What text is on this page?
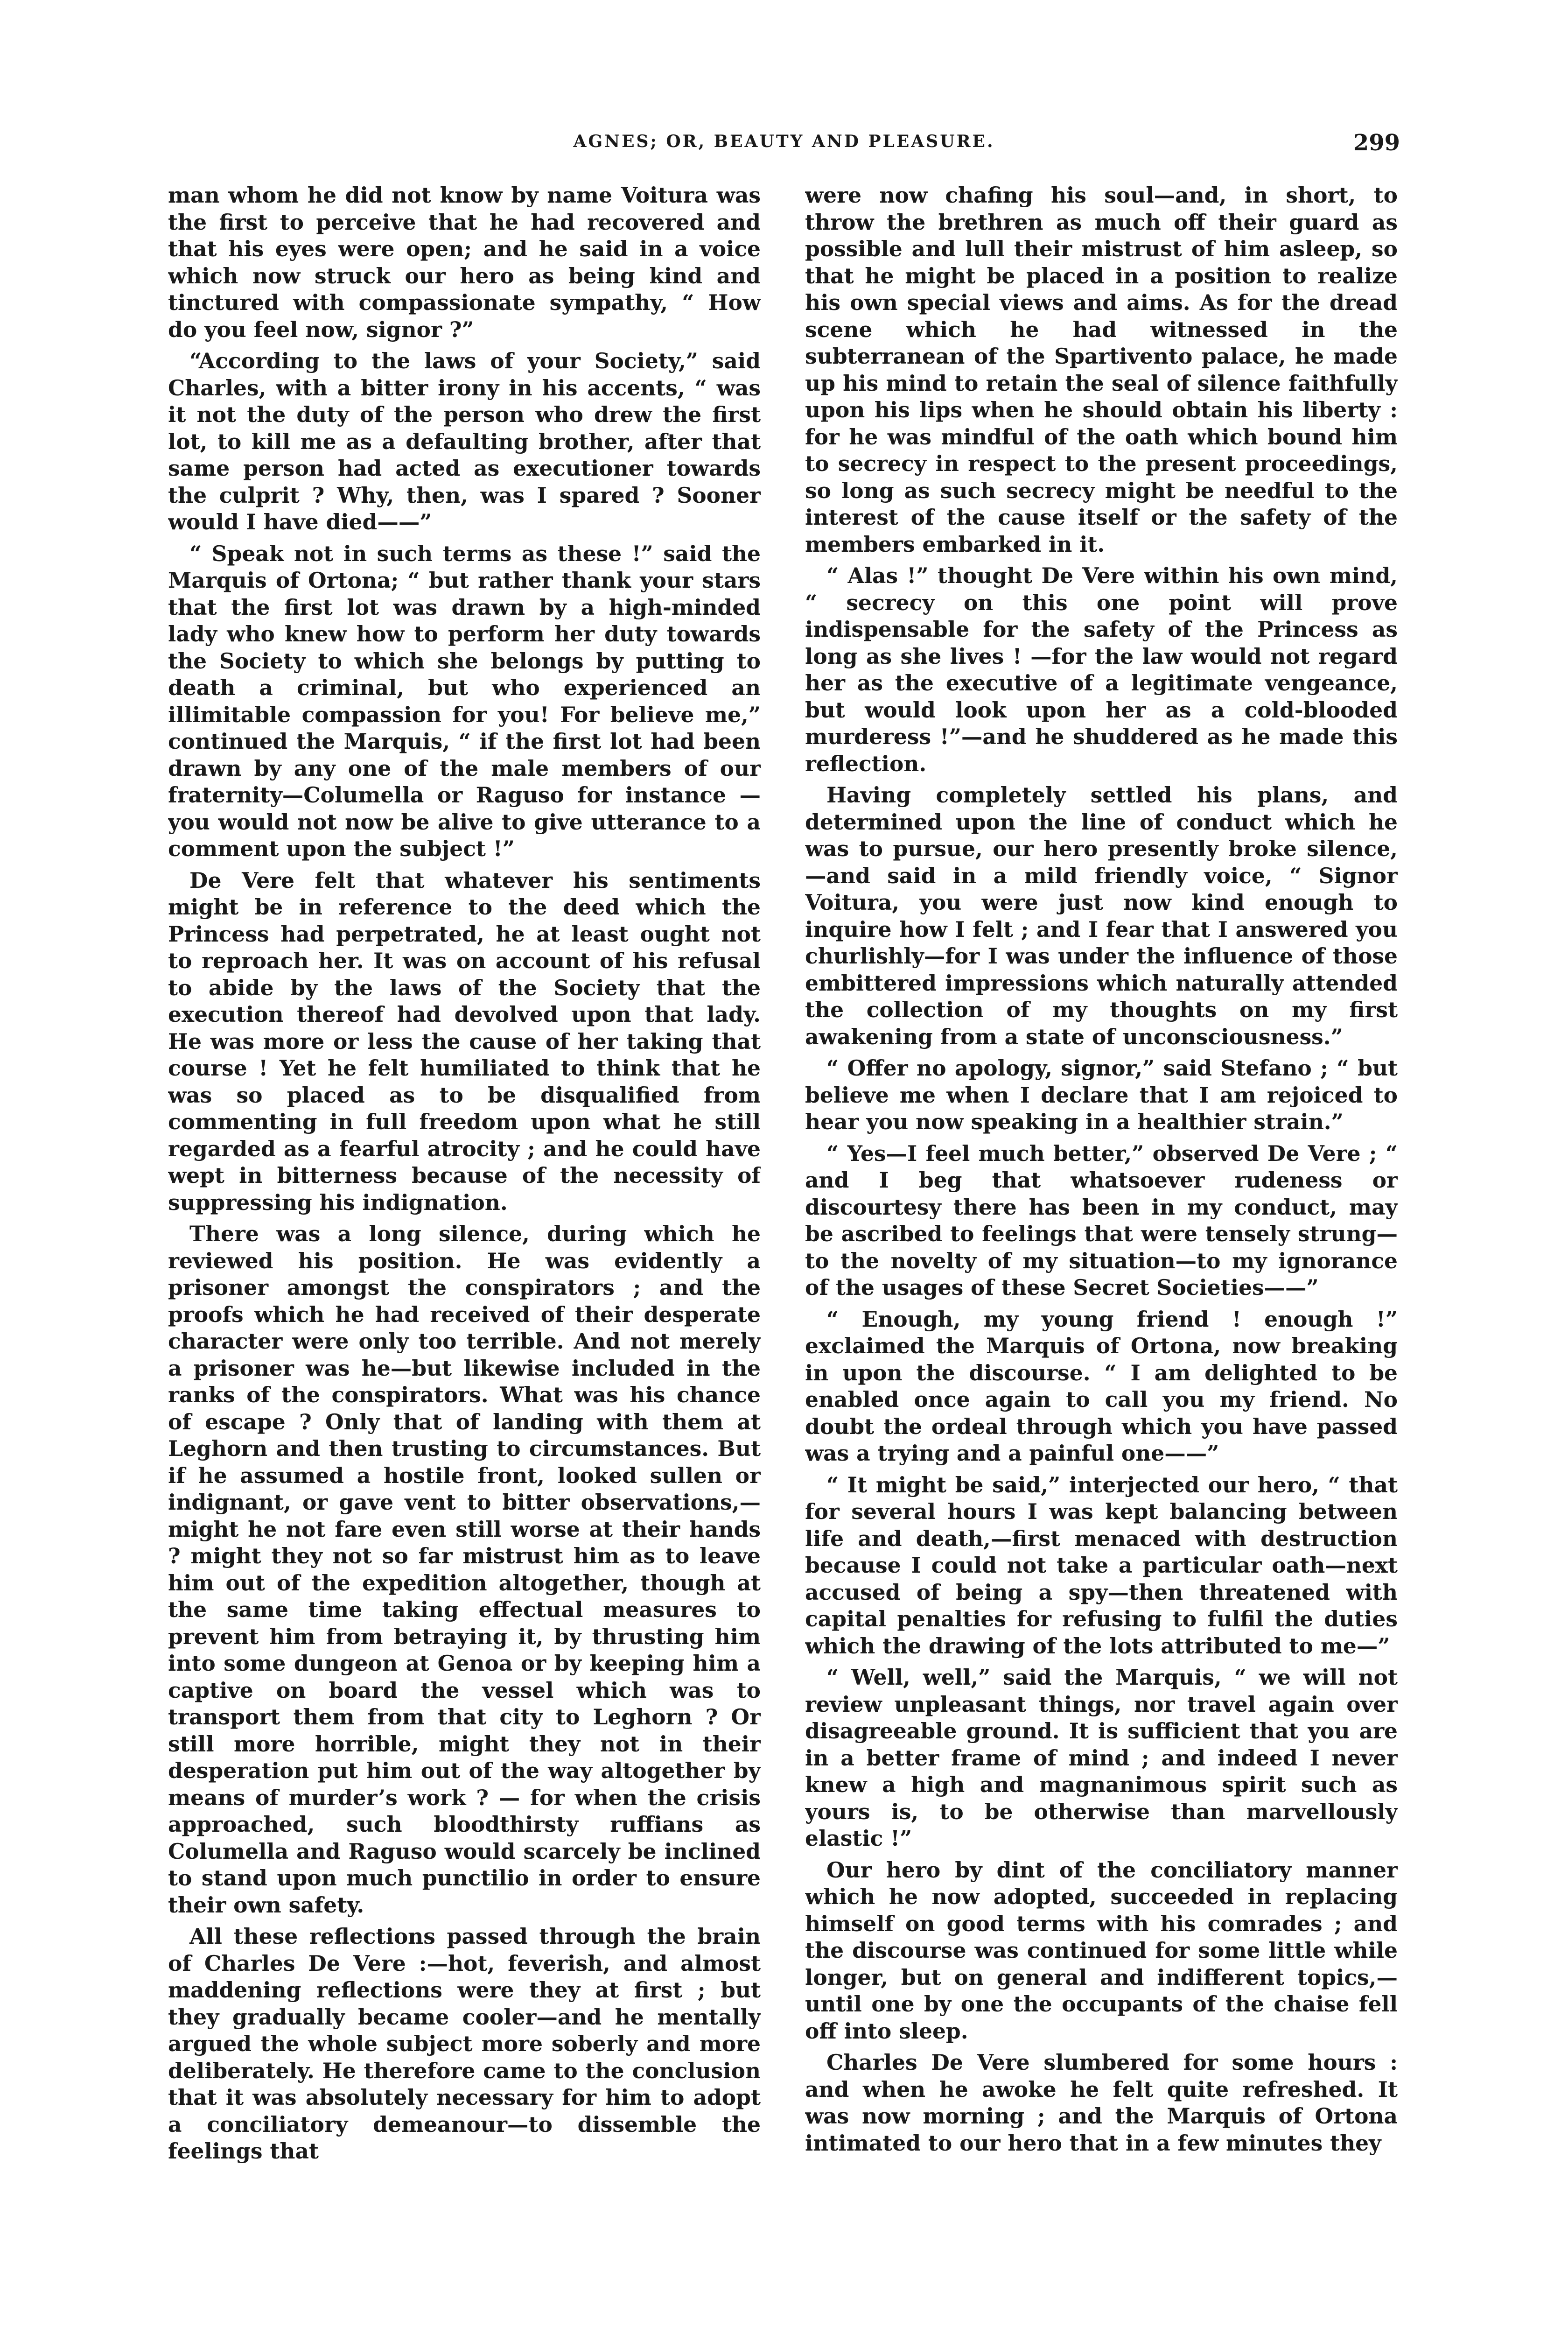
AGNES; OR, BEAUTY AND PLEASURE.	299

man whom he did not know by name Voitura was the first to perceive that he had recovered and that his eyes were open; and he said in a voice which now struck our hero as being kind and tinctured with compassionate sympathy, “ How do you feel now, signor ?”

“According to the laws of your Society,” said Charles, with a bitter irony in his accents, “ was it not the duty of the person who drew the first lot, to kill me as a defaulting brother, after that same person had acted as executioner towards the culprit ? Why, then, was I spared ? Sooner would I have died——”

“ Speak not in such terms as these !” said the Marquis of Ortona; “ but rather thank your stars that the first lot was drawn by a high-minded lady who knew how to perform her duty towards the Society to which she belongs by putting to death a criminal, but who experienced an illimitable compassion for you! For believe me,” continued the Marquis, “ if the first lot had been drawn by any one of the male members of our fraternity—Columella or Raguso for instance —you would not now be alive to give utterance to a comment upon the subject !”

De Vere felt that whatever his sentiments might be in reference to the deed which the Princess had perpetrated, he at least ought not to reproach her. It was on account of his refusal to abide by the laws of the Society that the execution thereof had devolved upon that lady. He was more or less the cause of her taking that course ! Yet he felt humiliated to think that he was so placed as to be disqualified from commenting in full freedom upon what he still regarded as a fearful atrocity ; and he could have wept in bitterness because of the necessity of suppressing his indignation.

There was a long silence, during which he reviewed his position. He was evidently a prisoner amongst the conspirators ; and the proofs which he had received of their desperate character were only too terrible. And not merely a prisoner was he—but likewise included in the ranks of the conspirators. What was his chance of escape ? Only that of landing with them at Leghorn and then trusting to circumstances. But if he assumed a hostile front, looked sullen or indignant, or gave vent to bitter observations,—might he not fare even still worse at their hands ? might they not so far mistrust him as to leave him out of the expedition altogether, though at the same time taking effectual measures to prevent him from betraying it, by thrusting him into some dungeon at Genoa or by keeping him a captive on board the vessel which was to transport them from that city to Leghorn ? Or still more horrible, might they not in their desperation put him out of the way altogether by means of murder’s work ? — for when the crisis approached, such bloodthirsty ruffians as Columella and Raguso would scarcely be inclined to stand upon much punctilio in order to ensure their own safety.

All these reflections passed through the brain of Charles De Vere :—hot, feverish, and almost maddening reflections were they at first ; but they gradually became cooler—and he mentally argued the whole subject more soberly and more deliberately. He therefore came to the conclusion that it was absolutely necessary for him to adopt a conciliatory demeanour—to dissemble the feelings that

were now chafing his soul—and, in short, to throw the brethren as much off their guard as possible and lull their mistrust of him asleep, so that he might be placed in a position to realize his own special views and aims. As for the dread scene which he had witnessed in the subterranean of the Spartivento palace, he made up his mind to retain the seal of silence faithfully upon his lips when he should obtain his liberty : for he was mindful of the oath which bound him to secrecy in respect to the present proceedings, so long as such secrecy might be needful to the interest of the cause itself or the safety of the members embarked in it.

“ Alas !” thought De Vere within his own mind, “ secrecy on this one point will prove indispensable for the safety of the Princess as long as she lives ! —for the law would not regard her as the executive of a legitimate vengeance, but would look upon her as a cold-blooded murderess !”—and he shuddered as he made this reflection.

Having completely settled his plans, and determined upon the line of conduct which he was to pursue, our hero presently broke silence,—and said in a mild friendly voice, “ Signor Voitura, you were just now kind enough to inquire how I felt ; and I fear that I answered you churlishly—for I was under the influence of those embittered impressions which naturally attended the collection of my thoughts on my first awakening from a state of unconsciousness.”

“ Offer no apology, signor,” said Stefano ; “ but believe me when I declare that I am rejoiced to hear you now speaking in a healthier strain.”

“ Yes—I feel much better,” observed De Vere ; “ and I beg that whatsoever rudeness or discourtesy there has been in my conduct, may be ascribed to feelings that were tensely strung—to the novelty of my situation—to my ignorance of the usages of these Secret Societies——”

“ Enough, my young friend ! enough !” exclaimed the Marquis of Ortona, now breaking in upon the discourse. “ I am delighted to be enabled once again to call you my friend. No doubt the ordeal through which you have passed was a trying and a painful one——”

“ It might be said,” interjected our hero, “ that for several hours I was kept balancing between life and death,—first menaced with destruction because I could not take a particular oath—next accused of being a spy—then threatened with capital penalties for refusing to fulfil the duties which the drawing of the lots attributed to me—”

“ Well, well,” said the Marquis, “ we will not review unpleasant things, nor travel again over disagreeable ground. It is sufficient that you are in a better frame of mind ; and indeed I never knew a high and magnanimous spirit such as yours is, to be otherwise than marvellously elastic !”

Our hero by dint of the conciliatory manner which he now adopted, succeeded in replacing himself on good terms with his comrades ; and the discourse was continued for some little while longer, but on general and indifferent topics,— until one by one the occupants of the chaise fell off into sleep.

Charles De Vere slumbered for some hours : and when he awoke he felt quite refreshed. It was now morning ; and the Marquis of Ortona intimated to our hero that in a few minutes they
